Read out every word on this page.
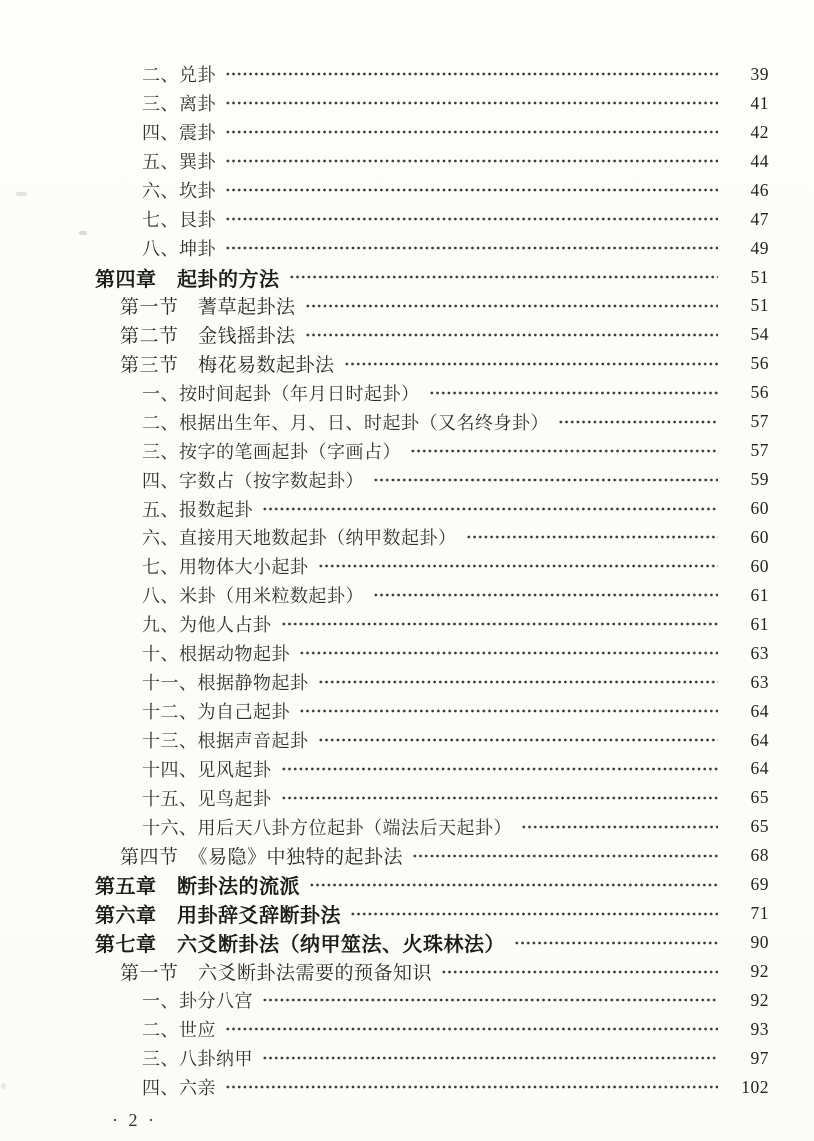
二、兑卦	39
三、离卦	41
四、震卦	42
五、巽卦	44
六、坎卦	46
七、艮卦	47
八、坤卦	49
第四章　起卦的方法	51
第一节　蓍草起卦法	51
第二节　金钱摇卦法	54
第三节　梅花易数起卦法	56
一、按时间起卦（年月日时起卦）	56
二、根据出生年、月、日、时起卦（又名终身卦）	57
三、按字的笔画起卦（字画占）	57
四、字数占（按字数起卦）	59
五、报数起卦	60
六、直接用天地数起卦（纳甲数起卦）	60
七、用物体大小起卦	60
八、米卦（用米粒数起卦）	61
九、为他人占卦	61
十、根据动物起卦	63
十一、根据静物起卦	63
十二、为自己起卦	64
十三、根据声音起卦	64
十四、见风起卦	64
十五、见鸟起卦	65
十六、用后天八卦方位起卦（端法后天起卦）	65
第四节　《易隐》中独特的起卦法	68
第五章　断卦法的流派	69
第六章　用卦辞爻辞断卦法	71
第七章　六爻断卦法（纳甲筮法、火珠林法）	90
第一节　六爻断卦法需要的预备知识	92
一、卦分八宫	92
二、世应	93
三、八卦纳甲	97
四、六亲	102
· 2 ·
